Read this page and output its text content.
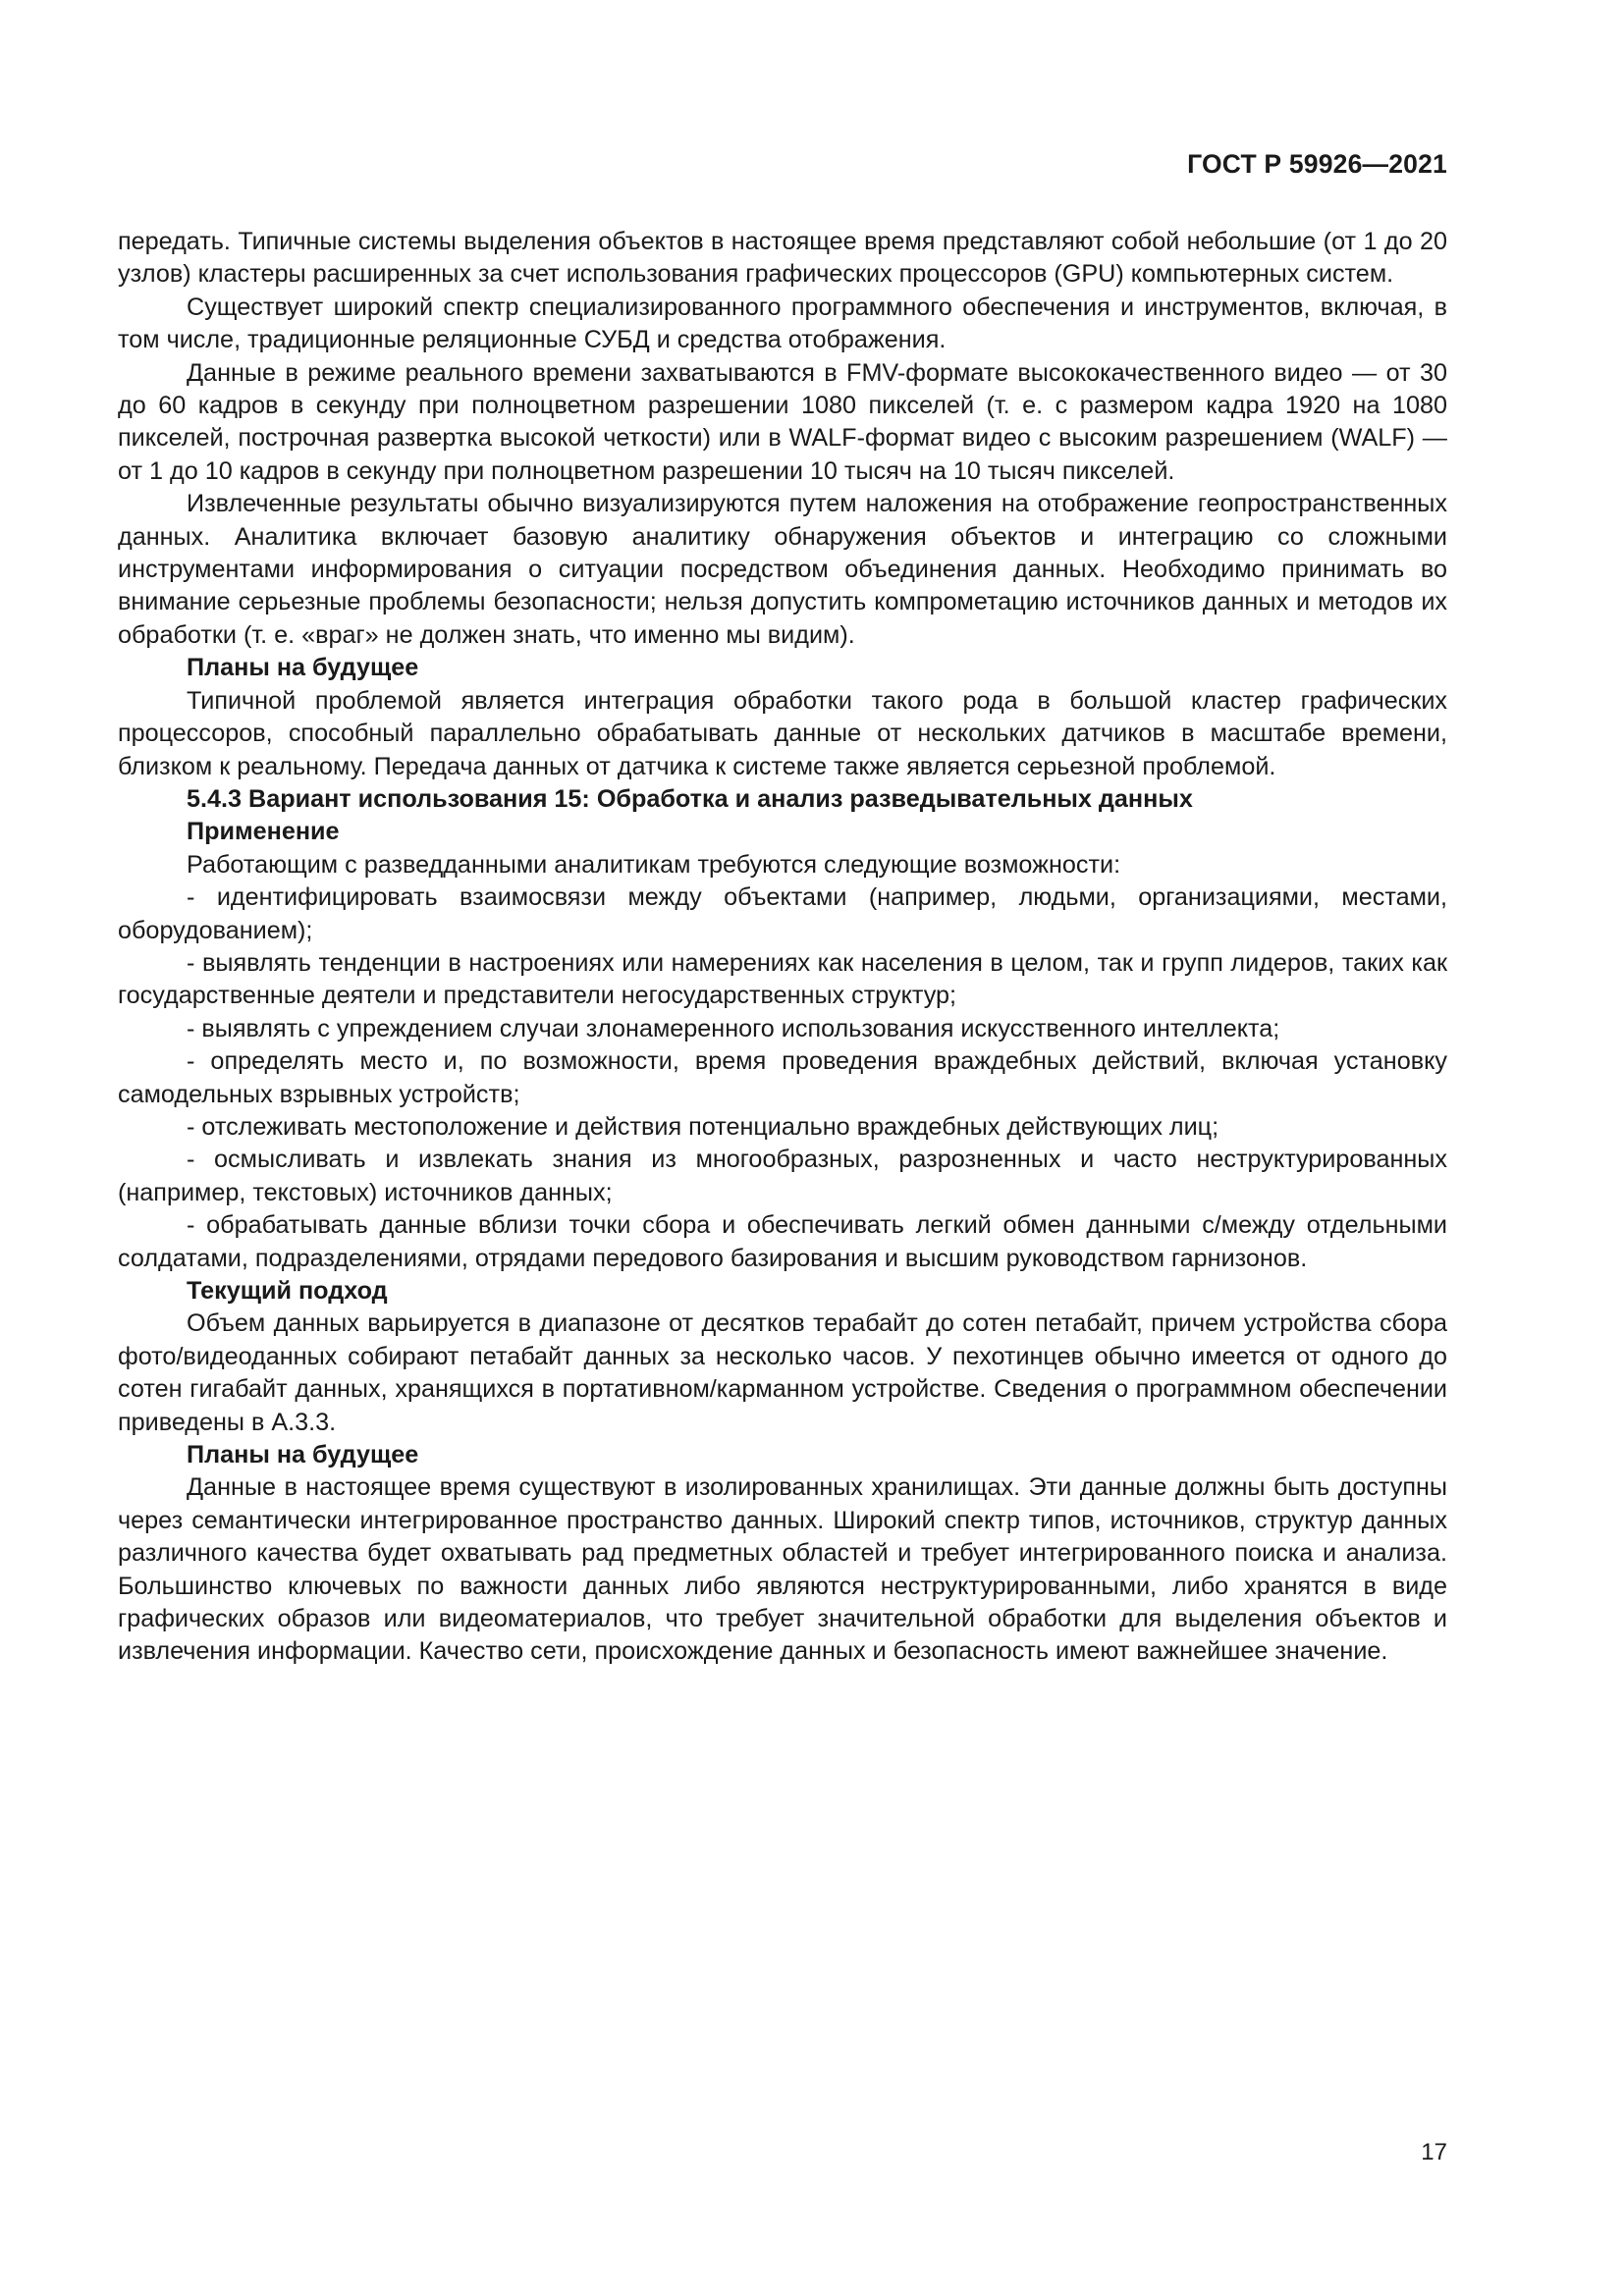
ГОСТ Р 59926—2021

передать. Типичные системы выделения объектов в настоящее время представляют собой небольшие (от 1 до 20 узлов) кластеры расширенных за счет использования графических процессоров (GPU) компьютерных систем.

Существует широкий спектр специализированного программного обеспечения и инструментов, включая, в том числе, традиционные реляционные СУБД и средства отображения.

Данные в режиме реального времени захватываются в FMV-формате высококачественного видео — от 30 до 60 кадров в секунду при полноцветном разрешении 1080 пикселей (т. е. с размером кадра 1920 на 1080 пикселей, построчная развертка высокой четкости) или в WALF-формат видео с высоким разрешением (WALF) — от 1 до 10 кадров в секунду при полноцветном разрешении 10 тысяч на 10 тысяч пикселей.

Извлеченные результаты обычно визуализируются путем наложения на отображение геопространственных данных. Аналитика включает базовую аналитику обнаружения объектов и интеграцию со сложными инструментами информирования о ситуации посредством объединения данных. Необходимо принимать во внимание серьезные проблемы безопасности; нельзя допустить компрометацию источников данных и методов их обработки (т. е. «враг» не должен знать, что именно мы видим).

Планы на будущее

Типичной проблемой является интеграция обработки такого рода в большой кластер графических процессоров, способный параллельно обрабатывать данные от нескольких датчиков в масштабе времени, близком к реальному. Передача данных от датчика к системе также является серьезной проблемой.

5.4.3 Вариант использования 15: Обработка и анализ разведывательных данных
Применение

Работающим с разведданными аналитикам требуются следующие возможности:

- идентифицировать взаимосвязи между объектами (например, людьми, организациями, местами, оборудованием);

- выявлять тенденции в настроениях или намерениях как населения в целом, так и групп лидеров, таких как государственные деятели и представители негосударственных структур;

- выявлять с упреждением случаи злонамеренного использования искусственного интеллекта;

- определять место и, по возможности, время проведения враждебных действий, включая установку самодельных взрывных устройств;

- отслеживать местоположение и действия потенциально враждебных действующих лиц;

- осмысливать и извлекать знания из многообразных, разрозненных и часто неструктурированных (например, текстовых) источников данных;

- обрабатывать данные вблизи точки сбора и обеспечивать легкий обмен данными с/между отдельными солдатами, подразделениями, отрядами передового базирования и высшим руководством гарнизонов.

Текущий подход

Объем данных варьируется в диапазоне от десятков терабайт до сотен петабайт, причем устройства сбора фото/видеоданных собирают петабайт данных за несколько часов. У пехотинцев обычно имеется от одного до сотен гигабайт данных, хранящихся в портативном/карманном устройстве. Сведения о программном обеспечении приведены в А.3.3.

Планы на будущее

Данные в настоящее время существуют в изолированных хранилищах. Эти данные должны быть доступны через семантически интегрированное пространство данных. Широкий спектр типов, источников, структур данных различного качества будет охватывать рад предметных областей и требует интегрированного поиска и анализа. Большинство ключевых по важности данных либо являются неструктурированными, либо хранятся в виде графических образов или видеоматериалов, что требует значительной обработки для выделения объектов и извлечения информации. Качество сети, происхождение данных и безопасность имеют важнейшее значение.

17
